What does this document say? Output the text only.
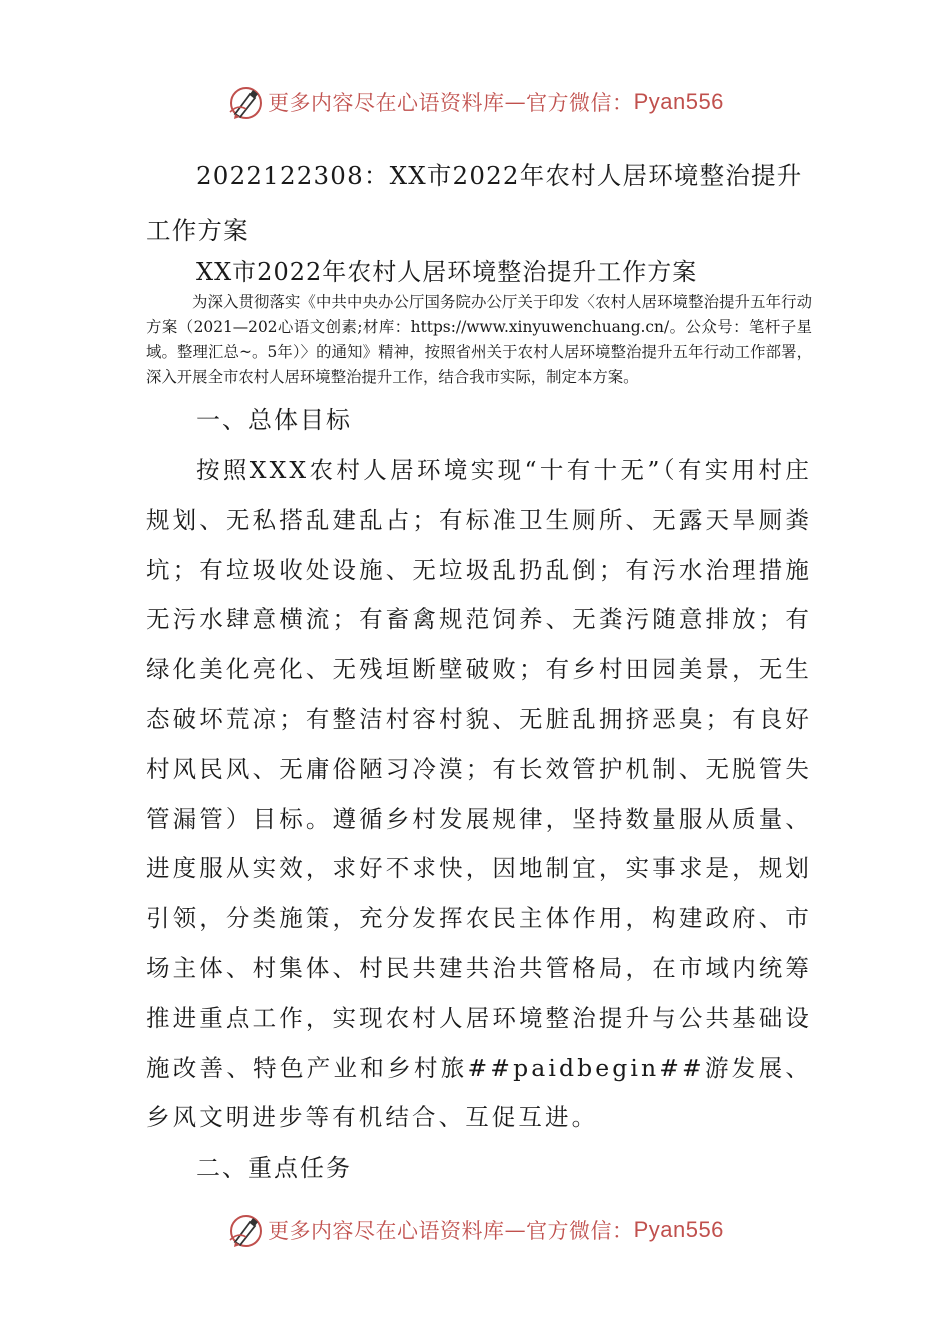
更多内容尽在心语资料库 — 官方微信： Pyan556
2022122308：XX市2022年农村人居环境整治提升工作方案
XX市2022年农村人居环境整治提升工作方案

为深入贯彻落实《中共中央办公厅国务院办公厅关于印发〈农村人居环境整治提升五年行动方案（2021—202心语文创素;材库：https://www.xinyuwenchuang.cn/。公众号：笔杆子星域。整理汇总~。5年）〉的通知》精神，按照省州关于农村人居环境整治提升五年行动工作部署，深入开展全市农村人居环境整治提升工作，结合我市实际，制定本方案。

一、总体目标

按照XXX农村人居环境实现“十有十无”（有实用村庄规划、无私搭乱建乱占；有标准卫生厕所、无露天旱厕粪坑；有垃圾收处设施、无垃圾乱扔乱倒；有污水治理措施无污水肆意横流；有畜禽规范饲养、无粪污随意排放；有绿化美化亮化、无残垣断壁破败；有乡村田园美景，无生态破坏荒凉；有整洁村容村貌、无脏乱拥挤恶臭；有良好村风民风、无庸俗陋习冷漠；有长效管护机制、无脱管失管漏管）目标。遵循乡村发展规律，坚持数量服从质量、进度服从实效，求好不求快，因地制宜，实事求是，规划引领，分类施策，充分发挥农民主体作用，构建政府、市场主体、村集体、村民共建共治共管格局，在市域内统筹推进重点工作，实现农村人居环境整治提升与公共基础设施改善、特色产业和乡村旅##paidbegin##游发展、乡风文明进步等有机结合、互促互进。

二、重点任务
更多内容尽在心语资料库 — 官方微信： Pyan556
